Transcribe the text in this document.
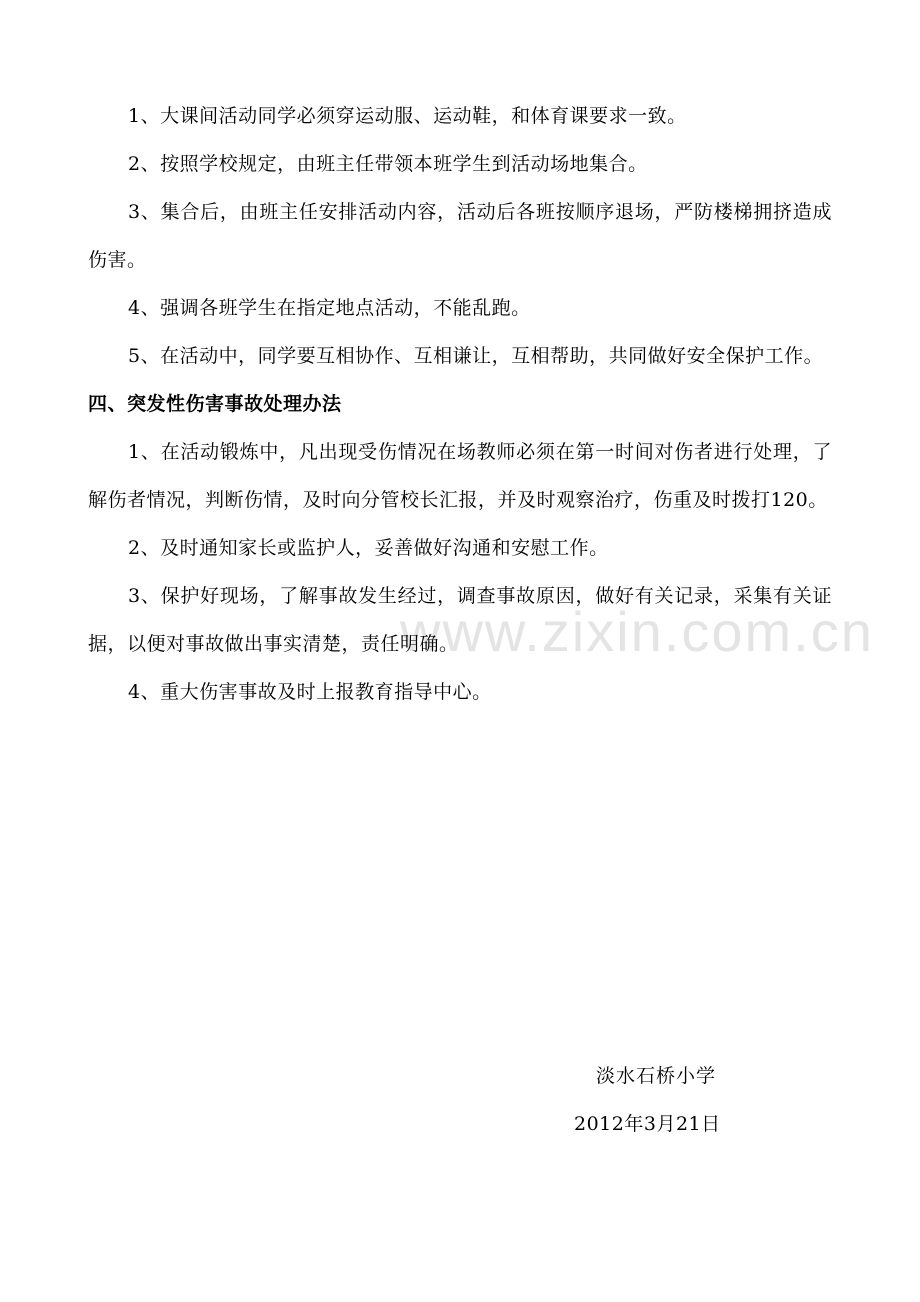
www.zixin.com.cn

1、大课间活动同学必须穿运动服、运动鞋，和体育课要求一致。

2、按照学校规定，由班主任带领本班学生到活动场地集合。

3、集合后，由班主任安排活动内容，活动后各班按顺序退场，严防楼梯拥挤造成伤害。

4、强调各班学生在指定地点活动，不能乱跑。

5、在活动中，同学要互相协作、互相谦让，互相帮助，共同做好安全保护工作。

四、突发性伤害事故处理办法

1、在活动锻炼中，凡出现受伤情况在场教师必须在第一时间对伤者进行处理，了解伤者情况，判断伤情，及时向分管校长汇报，并及时观察治疗，伤重及时拨打120。

2、及时通知家长或监护人，妥善做好沟通和安慰工作。

3、保护好现场，了解事故发生经过，调查事故原因，做好有关记录，采集有关证据，以便对事故做出事实清楚，责任明确。

4、重大伤害事故及时上报教育指导中心。

淡水石桥小学
2012年3月21日
